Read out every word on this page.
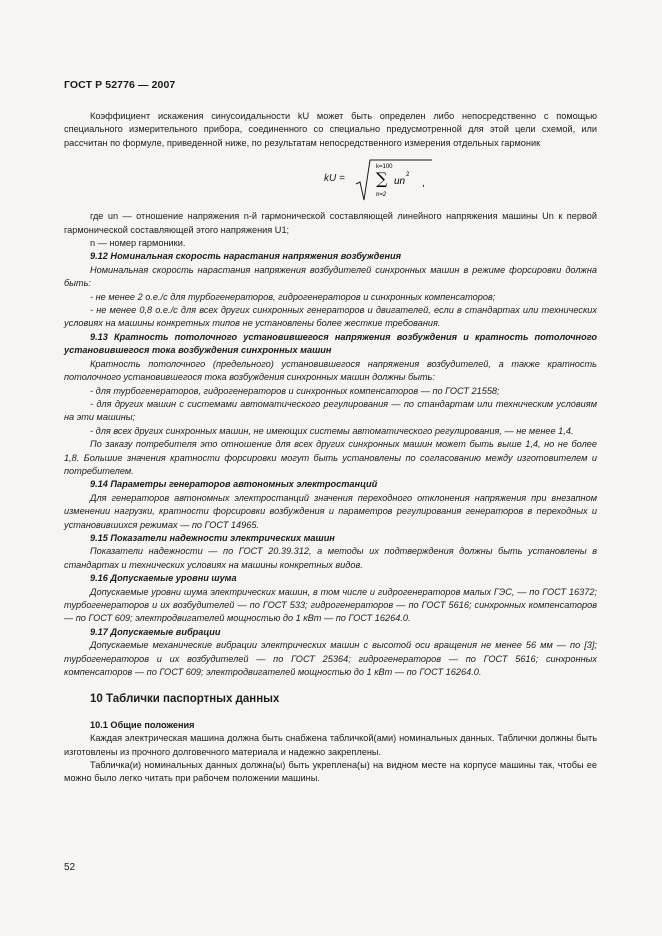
ГОСТ Р 52776 — 2007

Коэффициент искажения синусоидальности kU может быть определен либо непосредственно с помощью специального измерительного прибора, соединенного со специально предусмотренной для этой цели схемой, или рассчитан по формуле, приведенной ниже, по результатам непосредственного измерения отдельных гармоник

kU =
k=100
∑
n=2
un
2
,

где un — отношение напряжения n-й гармонической составляющей линейного напряжения машины Un к первой гармонической составляющей этого напряжения U1;

n — номер гармоники.

9.12 Номинальная скорость нарастания напряжения возбуждения

Номинальная скорость нарастания напряжения возбудителей синхронных машин в режиме форсировки должна быть:

- не менее 2 о.е./с для турбогенераторов, гидрогенераторов и синхронных компенсаторов;

- не менее 0,8 о.е./с для всех других синхронных генераторов и двигателей, если в стандартах или технических условиях на машины конкретных типов не установлены более жесткие требования.

9.13 Кратность потолочного установившегося напряжения возбуждения и кратность потолочного установившегося тока возбуждения синхронных машин

Кратность потолочного (предельного) установившегося напряжения возбудителей, а также кратность потолочного установившегося тока возбуждения синхронных машин должны быть:

- для турбогенераторов, гидрогенераторов и синхронных компенсаторов — по ГОСТ 21558;

- для других машин с системами автоматического регулирования — по стандартам или техническим условиям на эти машины;

- для всех других синхронных машин, не имеющих системы автоматического регулирования, — не менее 1,4.

По заказу потребителя это отношение для всех других синхронных машин может быть выше 1,4, но не более 1,8. Большие значения кратности форсировки могут быть установлены по согласованию между изготовителем и потребителем.

9.14 Параметры генераторов автономных электростанций

Для генераторов автономных электростанций значения переходного отклонения напряжения при внезапном изменении нагрузки, кратности форсировки возбуждения и параметров регулирования генераторов в переходных и установившихся режимах — по ГОСТ 14965.

9.15 Показатели надежности электрических машин

Показатели надежности — по ГОСТ 20.39.312, а методы их подтверждения должны быть установлены в стандартах и технических условиях на машины конкретных видов.

9.16 Допускаемые уровни шума

Допускаемые уровни шума электрических машин, в том числе и гидрогенераторов малых ГЭС, — по ГОСТ 16372; турбогенераторов и их возбудителей — по ГОСТ 533; гидрогенераторов — по ГОСТ 5616; синхронных компенсаторов — по ГОСТ 609; электродвигателей мощностью до 1 кВт — по ГОСТ 16264.0.

9.17 Допускаемые вибрации

Допускаемые механические вибрации электрических машин с высотой оси вращения не менее 56 мм — по [3]; турбогенераторов и их возбудителей — по ГОСТ 25364; гидрогенераторов — по ГОСТ 5616; синхронных компенсаторов — по ГОСТ 609; электродвигателей мощностью до 1 кВт — по ГОСТ 16264.0.

10 Таблички паспортных данных

10.1 Общие положения

Каждая электрическая машина должна быть снабжена табличкой(ами) номинальных данных. Таблички должны быть изготовлены из прочного долговечного материала и надежно закреплены.

Табличка(и) номинальных данных должна(ы) быть укреплена(ы) на видном месте на корпусе машины так, чтобы ее можно было легко читать при рабочем положении машины.

52
